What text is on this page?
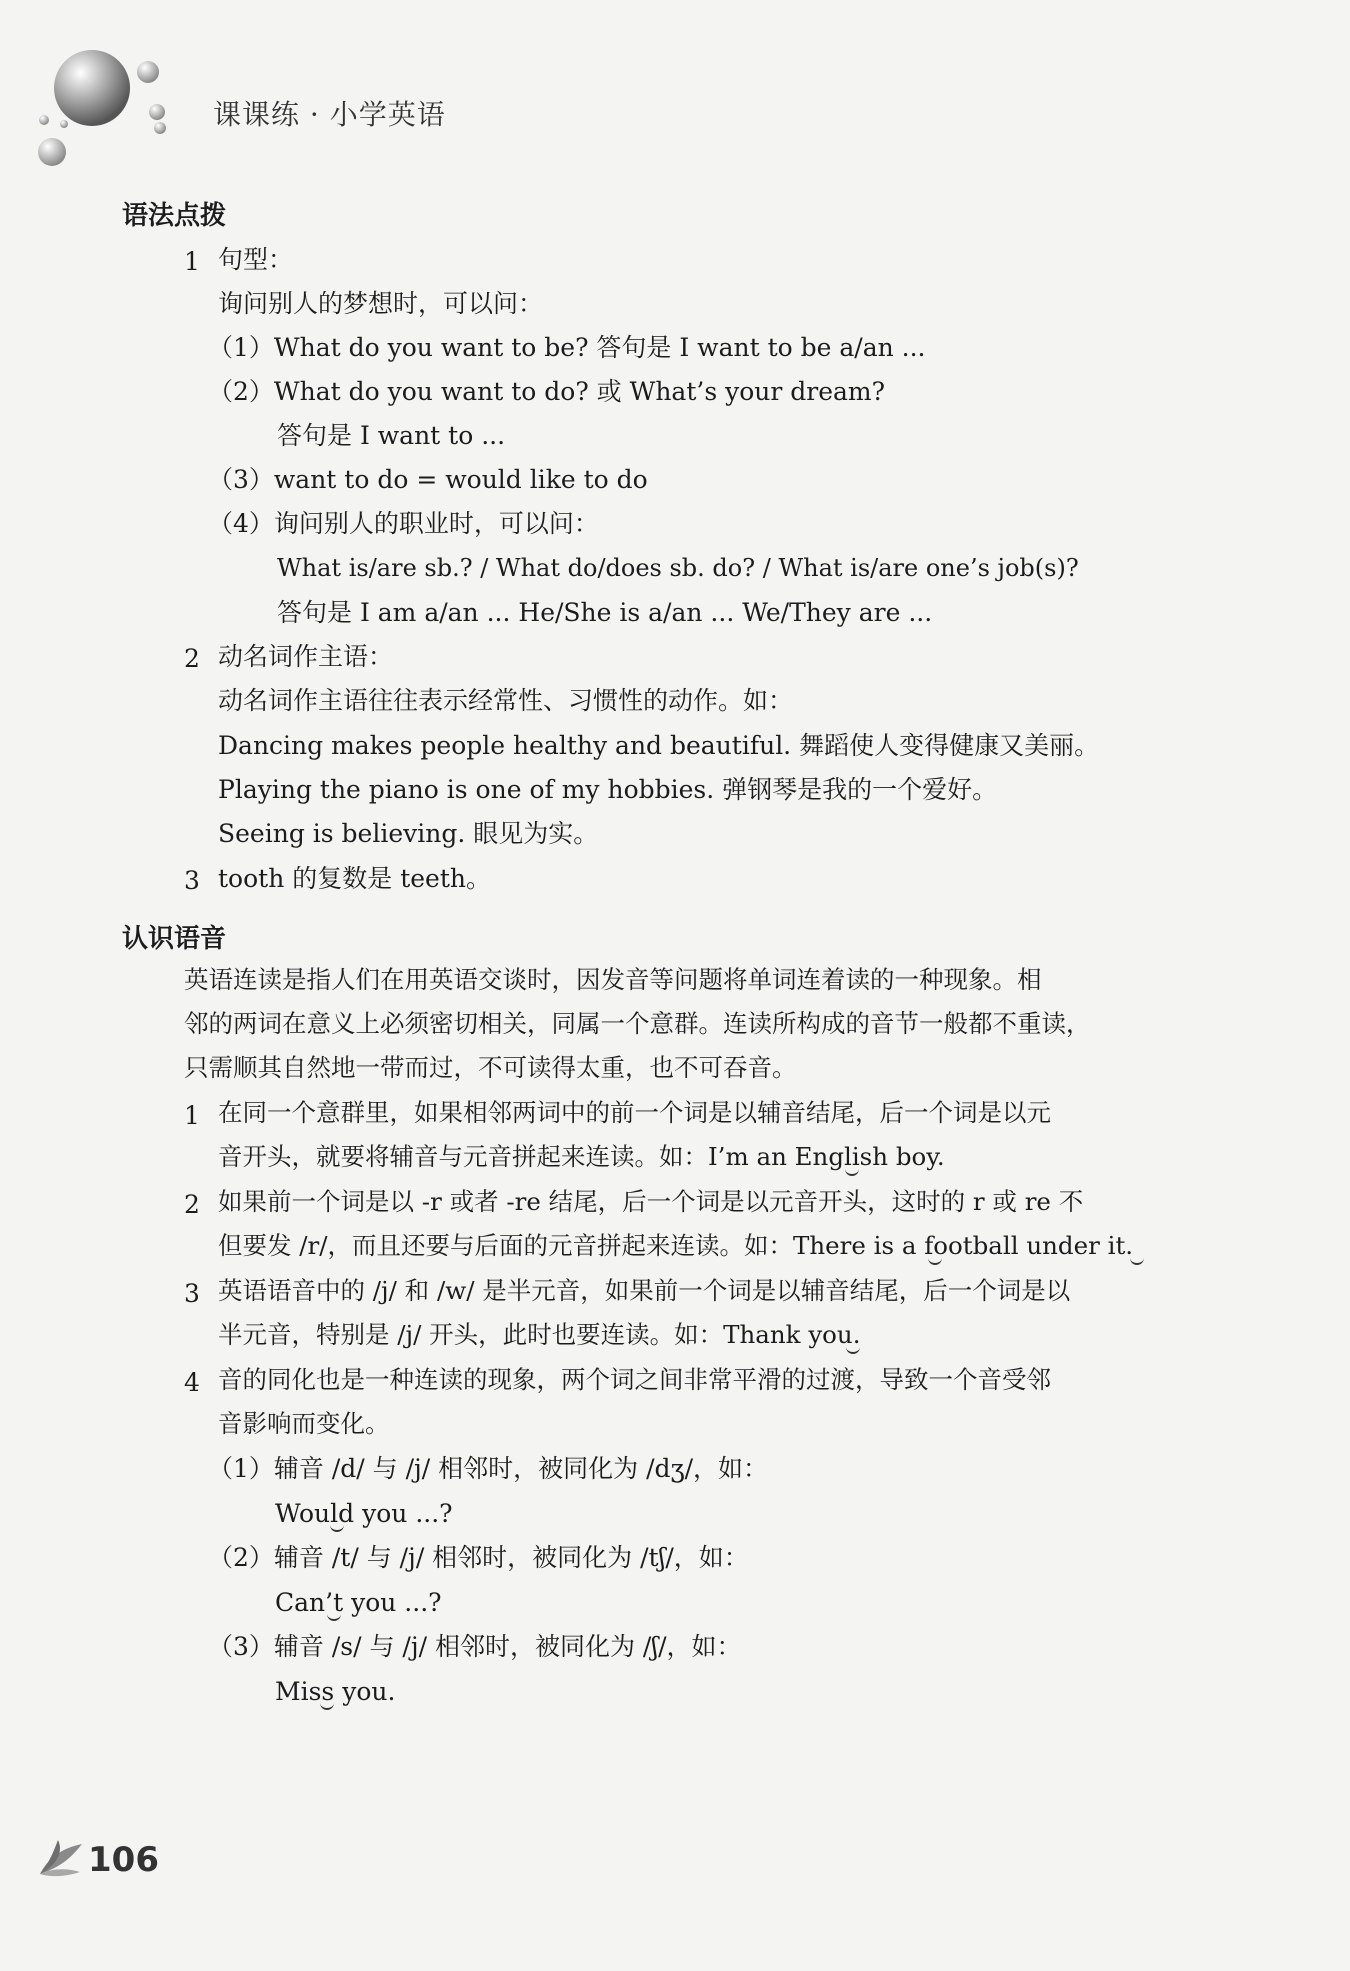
课课练 · 小学英语
语法点拨
1 句型：
询问别人的梦想时，可以问：
（1）What do you want to be? 答句是 I want to be a/an ...
（2）What do you want to do? 或 What’s your dream?
答句是 I want to ...
（3）want to do = would like to do
（4）询问别人的职业时，可以问：
What is/are sb.? / What do/does sb. do? / What is/are one’s job(s)?
答句是 I am a/an ... He/She is a/an ... We/They are ...
2 动名词作主语：
动名词作主语往往表示经常性、习惯性的动作。如：
Dancing makes people healthy and beautiful. 舞蹈使人变得健康又美丽。
Playing the piano is one of my hobbies. 弹钢琴是我的一个爱好。
Seeing is believing. 眼见为实。
3 tooth 的复数是 teeth。
认识语音
英语连读是指人们在用英语交谈时，因发音等问题将单词连着读的一种现象。相
邻的两词在意义上必须密切相关，同属一个意群。连读所构成的音节一般都不重读，
只需顺其自然地一带而过，不可读得太重，也不可吞音。
1 在同一个意群里，如果相邻两词中的前一个词是以辅音结尾，后一个词是以元
音开头，就要将辅音与元音拼起来连读。如：I’m an English boy.
2 如果前一个词是以 -r 或者 -re 结尾，后一个词是以元音开头，这时的 r 或 re 不
但要发 /r/，而且还要与后面的元音拼起来连读。如：There is a football under it.
3 英语语音中的 /j/ 和 /w/ 是半元音，如果前一个词是以辅音结尾，后一个词是以
半元音，特别是 /j/ 开头，此时也要连读。如：Thank you.
4 音的同化也是一种连读的现象，两个词之间非常平滑的过渡，导致一个音受邻
音影响而变化。
（1）辅音 /d/ 与 /j/ 相邻时，被同化为 /dʒ/，如：
Would you ...?
（2）辅音 /t/ 与 /j/ 相邻时，被同化为 /tʃ/，如：
Can’t you ...?
（3）辅音 /s/ 与 /j/ 相邻时，被同化为 /ʃ/，如：
Miss you.
106
